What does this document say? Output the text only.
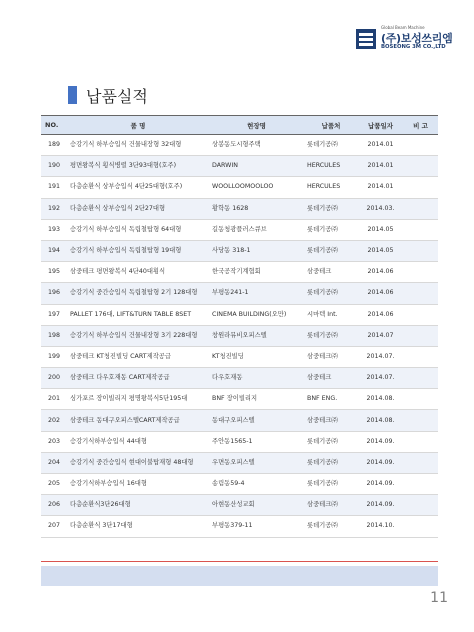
Global Beam Machine
(주)보성쓰리엠
BOSEONG 3M CO.,LTD
납품실적
NO.	품 명	현장명	납품처	납품일자	비 고
189	승강기식 하부승입식 건물내장형 32대형	상봉동도시형주택	롯데기공㈜	2014.01	
190	평면왕복식 횡식병렬 3단93대형(호주)	DARWIN	HERCULES	2014.01	
191	다층순환식 상부승입식 4단25대형(호주)	WOOLLOOMOOLOO	HERCULES	2014.01	
192	다층순환식 상부승입식 2단27대형	황학동 1628	롯데기공㈜	2014.03.	
193	승강기식 하부승입식 독립철탑형 64대형	길동청광플러스큐브	롯데기공㈜	2014.05	
194	승강기식 하부승입식 독립철탑형 19대형	사당동 318-1	롯데기공㈜	2014.05	
195	삼중테크 평면왕복식 4단40대횡식	한국공작기계협회	삼중테크	2014.06	
196	승강기식 중간승입식 독립철탑형 2기 128대형	부평동241-1	롯데기공㈜	2014.06	
197	PALLET 176대, LIFT&TURN TABLE 8SET	CINEMA BUILDING(오만)	시마텍 Int.	2014.06	
198	승강기식 하부승입식 건물내장형 3기 228대형	창원라뮤비오피스텔	롯데기공㈜	2014.07	
199	삼중테크 KT청진빌딩 CART제작공급	KT청진빌딩	삼중테크㈜	2014.07.	
200	삼중테크 다우호재동 CART제작공급	다우호재동	삼중테크	2014.07.	
201	싱가포르 장이빌리지 평명왕복식5단195대	BNF 장이빌리지	BNF ENG.	2014.08.	
202	삼중테크 동대구오피스텔CART제작공급	동대구오피스텔	삼중테크㈜	2014.08.	
203	승강기식하부승입식 44대형	주안동1565-1	롯데기공㈜	2014.09.	
204	승강기식 중간승입식 현대이불탑재형 48대형	우면동오피스텔	롯데기공㈜	2014.09.	
205	승강기식하부승입식 16대형	송림동59-4	롯데기공㈜	2014.09.	
206	다층순환식3단26대형	아현동산성교회	삼중테크㈜	2014.09.	
207	다층순환식 3단17대형	부평동379-11	롯데기공㈜	2014.10.	
11
